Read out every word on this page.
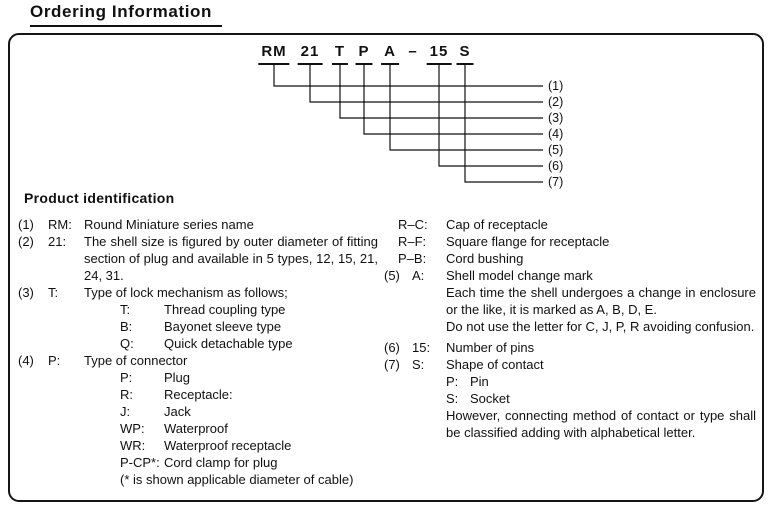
Ordering Information
RM 21 T P A – 15 S
(1)
(2)
(3)
(4)
(5)
(6)
(7)
Product identification
(1)	RM: Round Miniature series name
(2)	21:	The shell size is figured by outer diameter of fitting section of plug and available in 5 types, 12, 15, 21, 24, 31.
(3)	T:	Type of lock mechanism as follows;
T:	Thread coupling type
B:	Bayonet sleeve type
Q:	Quick detachable type
(4)	P:	Type of connector
P:	Plug
R:	Receptacle:
J:	Jack
WP:	Waterproof
WR:	Waterproof receptacle
P-CP*: Cord clamp for plug
(* is shown applicable diameter of cable)
R–C:	Cap of receptacle
R–F:	Square flange for receptacle
P–B:	Cord bushing
(5) A:	Shell model change mark
Each time the shell undergoes a change in enclosure or the like, it is marked as A, B, D, E.
Do not use the letter for C, J, P, R avoiding confusion.
(6) 15:	Number of pins
(7) S:	Shape of contact
P: Pin
S: Socket
However, connecting method of contact or type shall be classified adding with alphabetical letter.
